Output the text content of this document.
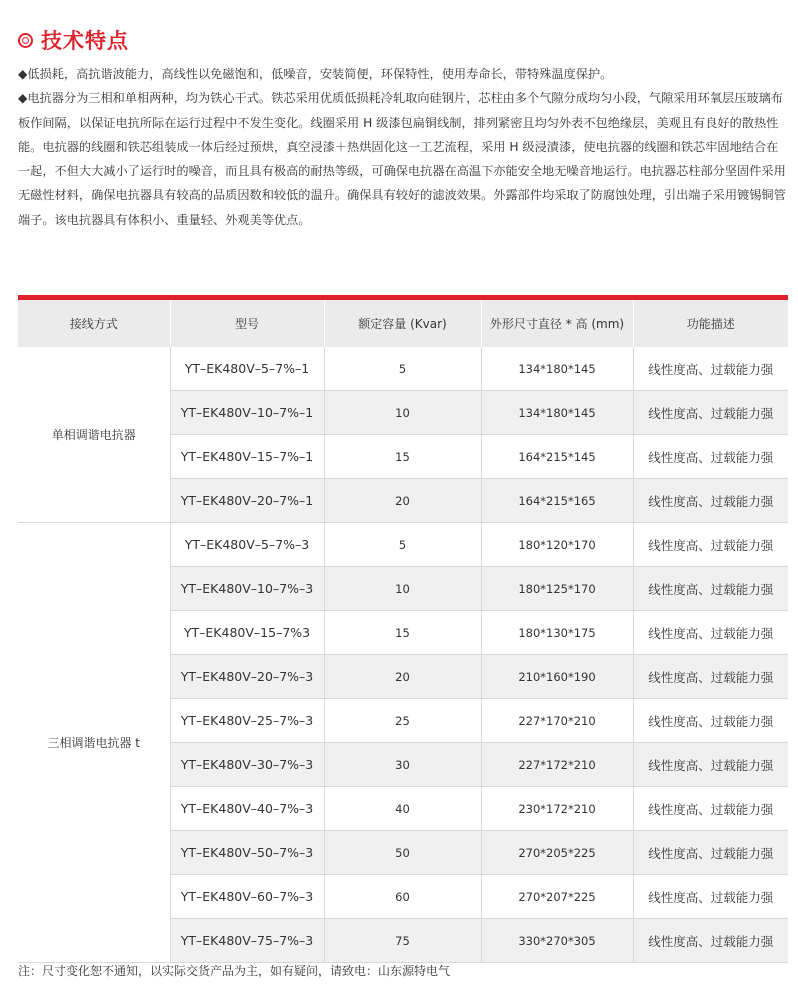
技术特点

◆低损耗，高抗谐波能力，高线性以免磁饱和，低噪音，安装简便，环保特性，使用寿命长，带特殊温度保护。

◆电抗器分为三相和单相两种，均为铁心干式。铁芯采用优质低损耗冷轧取向硅钢片，芯柱由多个气隙分成均匀小段，气隙采用环氧层压玻璃布板作间隔，以保证电抗所际在运行过程中不发生变化。线圈采用 H 级漆包扁铜线制，排列紧密且均匀外表不包绝缘层，美观且有良好的散热性能。电抗器的线圈和铁芯组装成一体后经过预烘，真空浸漆＋热烘固化这一工艺流程，采用 H 级浸漬漆，使电抗器的线圈和铁芯牢固地结合在一起，不但大大减小了运行时的噪音，而且具有极高的耐热等级，可确保电抗器在高温下亦能安全地无噪音地运行。电抗器芯柱部分坚固件采用无磁性材料，确保电抗器具有较高的品质因数和较低的温升。确保具有较好的滤波效果。外露部件均采取了防腐蚀处理，引出端子采用镀锡铜管端子。该电抗器具有体积小、重量轻、外观美等优点。

接线方式	型号	额定容量 (Kvar)	外形尺寸直径 * 高 (mm)	功能描述
单相调谐电抗器	YT–EK480V–5–7%–1	5	134*180*145	线性度高、过载能力强
	YT–EK480V–10–7%–1	10	134*180*145	线性度高、过载能力强
	YT–EK480V–15–7%–1	15	164*215*145	线性度高、过载能力强
	YT–EK480V–20–7%–1	20	164*215*165	线性度高、过载能力强
三相调谐电抗器 t	YT–EK480V–5–7%–3	5	180*120*170	线性度高、过载能力强
	YT–EK480V–10–7%–3	10	180*125*170	线性度高、过载能力强
	YT–EK480V–15–7%3	15	180*130*175	线性度高、过载能力强
	YT–EK480V–20–7%–3	20	210*160*190	线性度高、过载能力强
	YT–EK480V–25–7%–3	25	227*170*210	线性度高、过载能力强
	YT–EK480V–30–7%–3	30	227*172*210	线性度高、过载能力强
	YT–EK480V–40–7%–3	40	230*172*210	线性度高、过载能力强
	YT–EK480V–50–7%–3	50	270*205*225	线性度高、过载能力强
	YT–EK480V–60–7%–3	60	270*207*225	线性度高、过载能力强
	YT–EK480V–75–7%–3	75	330*270*305	线性度高、过载能力强
注：尺寸变化恕不通知，以实际交货产品为主，如有疑问，请致电：山东源特电气
